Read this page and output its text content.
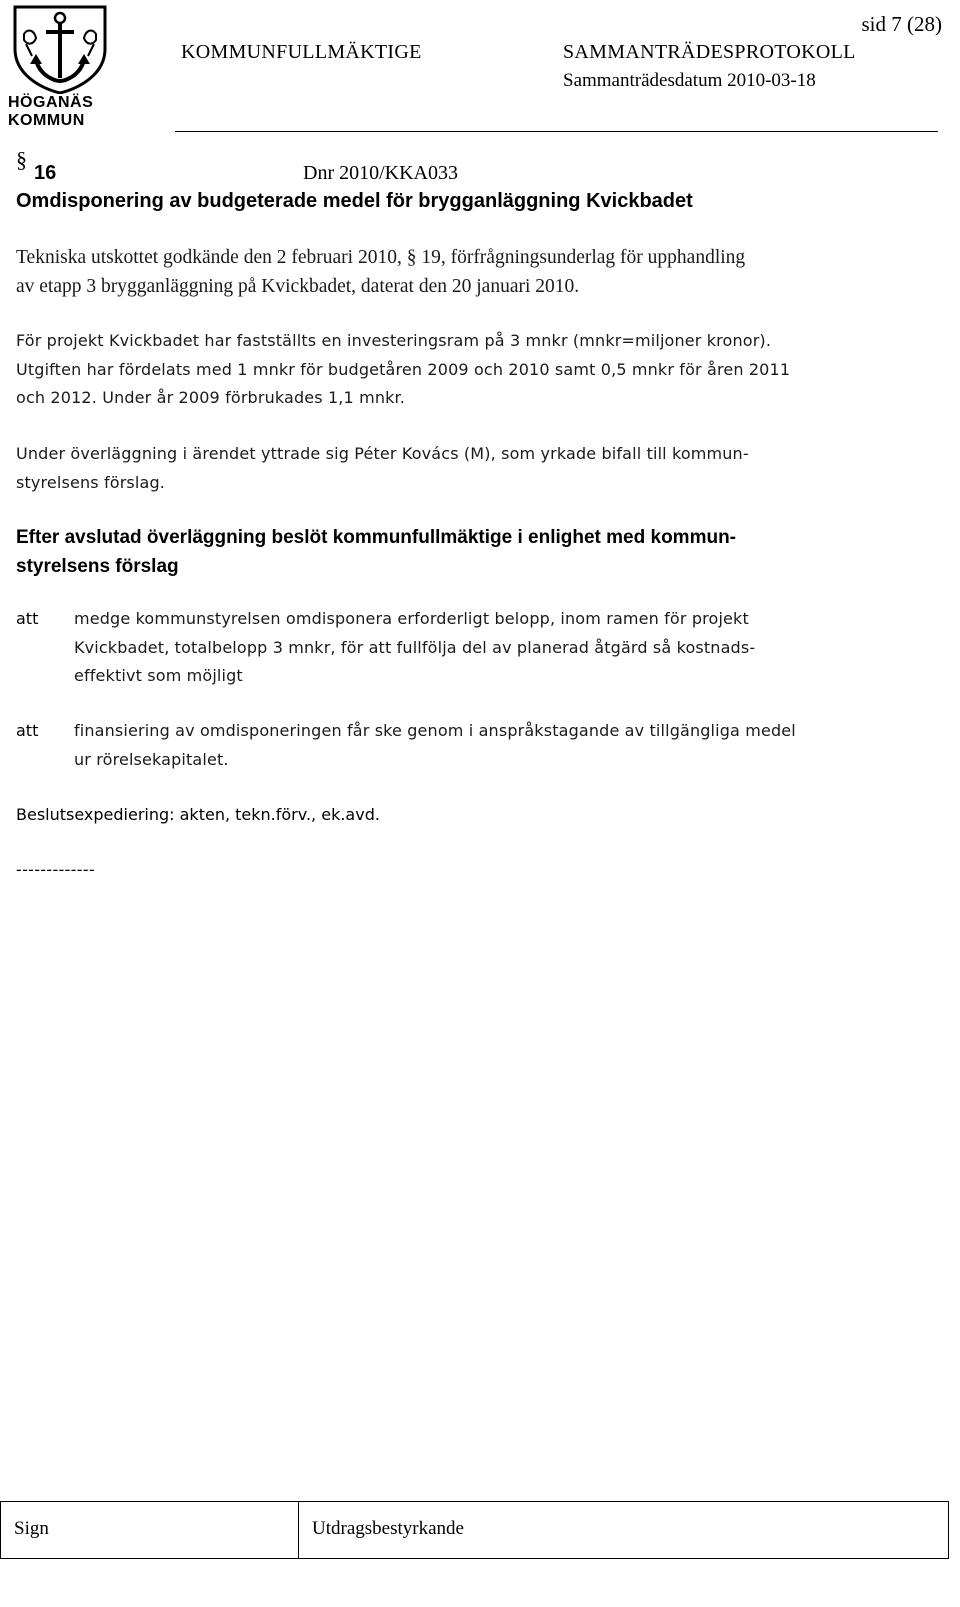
HÖGANÄS
KOMMUN
sid 7 (28)
KOMMUNFULLMÄKTIGE	SAMMANTRÄDESPROTOKOLL
Sammanträdesdatum 2010-03-18
§
16	Dnr 2010/KKA033
Omdisponering av budgeterade medel för brygganläggning Kvickbadet
Tekniska utskottet godkände den 2 februari 2010, § 19, förfrågningsunderlag för upphandling
av etapp 3 brygganläggning på Kvickbadet, daterat den 20 januari 2010.
För projekt Kvickbadet har fastställts en investeringsram på 3 mnkr (mnkr=miljoner kronor).
Utgiften har fördelats med 1 mnkr för budgetåren 2009 och 2010 samt 0,5 mnkr för åren 2011
och 2012. Under år 2009 förbrukades 1,1 mnkr.
Under överläggning i ärendet yttrade sig Péter Kovács (M), som yrkade bifall till kommun-
styrelsens förslag.
Efter avslutad överläggning beslöt kommunfullmäktige i enlighet med kommun-
styrelsens förslag
att medge kommunstyrelsen omdisponera erforderligt belopp, inom ramen för projekt
Kvickbadet, totalbelopp 3 mnkr, för att fullfölja del av planerad åtgärd så kostnads-
effektivt som möjligt
att finansiering av omdisponeringen får ske genom i anspråkstagande av tillgängliga medel
ur rörelsekapitalet.
Beslutsexpediering: akten, tekn.förv., ek.avd.
-------------
Sign	Utdragsbestyrkande
